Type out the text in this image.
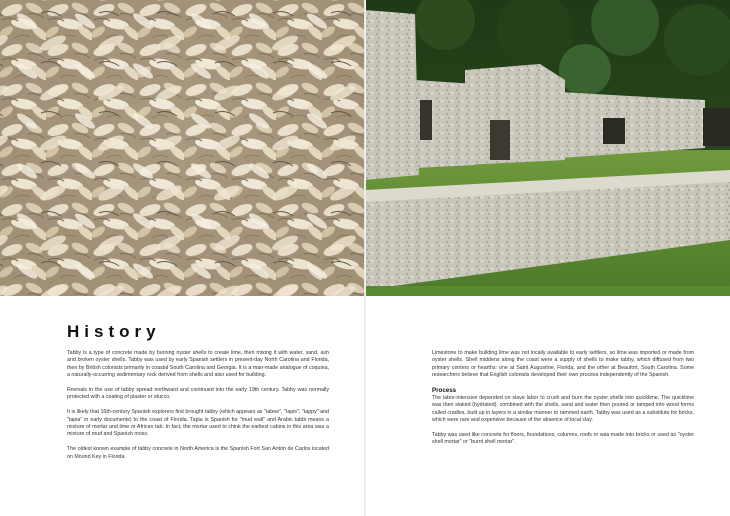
History

Tabby is a type of concrete made by burning oyster shells to create lime, then mixing it with water, sand, ash and broken oyster shells. Tabby was used by early Spanish settlers in present-day North Carolina and Florida, then by British colonists primarily in coastal South Carolina and Georgia. It is a man-made analogue of coquina, a naturally-occurring sedimentary rock derived from shells and also used for building.

Revivals in the use of tabby spread northward and continued into the early 19th century. Tabby was normally protected with a coating of plaster or stucco.

It is likely that 16th-century Spanish explorers first brought tabby (which appears as "tabee", "tapis", "tappy" and "tapia" in early documents) to the coast of Florida. Tapia is Spanish for "mud wall" and Arabic tabbi means a mixture of mortar and lime or African tab. In fact, the mortar used to chink the earliest cabins in this area was a mixture of mud and Spanish moss.

The oldest known example of tabby concrete in North America is the Spanish Fort San Antón de Carlos located on Mound Key in Florida.

Limestone to make building lime was not locally available to early settlers, so lime was imported or made from oyster shells. Shell middens along the coast were a supply of shells to make tabby, which diffused from two primary centers or hearths: one at Saint Augustine, Florida, and the other at Beaufort, South Carolina. Some researchers believe that English colonists developed their own process independently of the Spanish.

Process

The labor-intensive depended on slave labor to crush and burn the oyster shells into quicklime. The quicklime was then slaked (hydrated), combined with the shells, sand and water then poured or tamped into wood forms called cradles, built up in layers in a similar manner to rammed earth. Tabby was used as a substitute for bricks, which were rare and expensive because of the absence of local clay.

Tabby was used like concrete for floors, foundations, columns, roofs or was made into bricks or used as "oyster shell mortar" or "burnt shell mortar".
